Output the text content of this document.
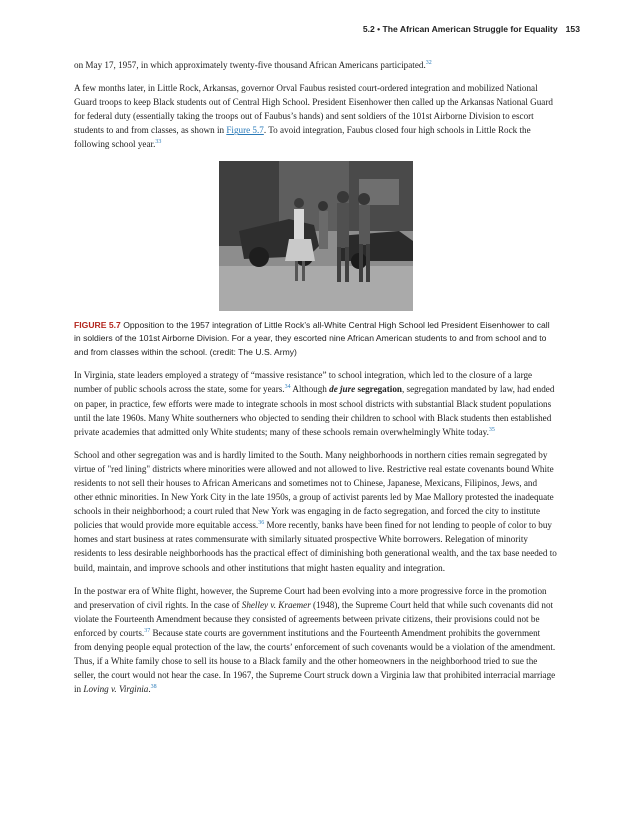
5.2 • The African American Struggle for Equality 153

on May 17, 1957, in which approximately twenty-five thousand African Americans participated.$^{32}$

A few months later, in Little Rock, Arkansas, governor Orval Faubus resisted court-ordered integration and mobilized National Guard troops to keep Black students out of Central High School. President Eisenhower then called up the Arkansas National Guard for federal duty (essentially taking the troops out of Faubus’s hands) and sent soldiers of the 101st Airborne Division to escort students to and from classes, as shown in Figure 5.7. To avoid integration, Faubus closed four high schools in Little Rock the following school year.$^{33}$

FIGURE 5.7 Opposition to the 1957 integration of Little Rock’s all-White Central High School led President Eisenhower to call in soldiers of the 101st Airborne Division. For a year, they escorted nine African American students to and from school and to and from classes within the school. (credit: The U.S. Army)

In Virginia, state leaders employed a strategy of “massive resistance” to school integration, which led to the closure of a large number of public schools across the state, some for years.$^{34}$ Although de jure segregation, segregation mandated by law, had ended on paper, in practice, few efforts were made to integrate schools in most school districts with substantial Black student populations until the late 1960s. Many White southerners who objected to sending their children to school with Black students then established private academies that admitted only White students; many of these schools remain overwhelmingly White today.$^{35}$

School and other segregation was and is hardly limited to the South. Many neighborhoods in northern cities remain segregated by virtue of "red lining" districts where minorities were allowed and not allowed to live. Restrictive real estate covenants bound White residents to not sell their houses to African Americans and sometimes not to Chinese, Japanese, Mexicans, Filipinos, Jews, and other ethnic minorities. In New York City in the late 1950s, a group of activist parents led by Mae Mallory protested the inadequate schools in their neighborhood; a court ruled that New York was engaging in de facto segregation, and forced the city to institute policies that would provide more equitable access.$^{36}$ More recently, banks have been fined for not lending to people of color to buy homes and start business at rates commensurate with similarly situated prospective White borrowers. Relegation of minority residents to less desirable neighborhoods has the practical effect of diminishing both generational wealth, and the tax base needed to build, maintain, and improve schools and other institutions that might hasten equality and integration.

In the postwar era of White flight, however, the Supreme Court had been evolving into a more progressive force in the promotion and preservation of civil rights. In the case of Shelley v. Kraemer (1948), the Supreme Court held that while such covenants did not violate the Fourteenth Amendment because they consisted of agreements between private citizens, their provisions could not be enforced by courts.$^{37}$ Because state courts are government institutions and the Fourteenth Amendment prohibits the government from denying people equal protection of the law, the courts’ enforcement of such covenants would be a violation of the amendment. Thus, if a White family chose to sell its house to a Black family and the other homeowners in the neighborhood tried to sue the seller, the court would not hear the case. In 1967, the Supreme Court struck down a Virginia law that prohibited interracial marriage in Loving v. Virginia.$^{38}$
